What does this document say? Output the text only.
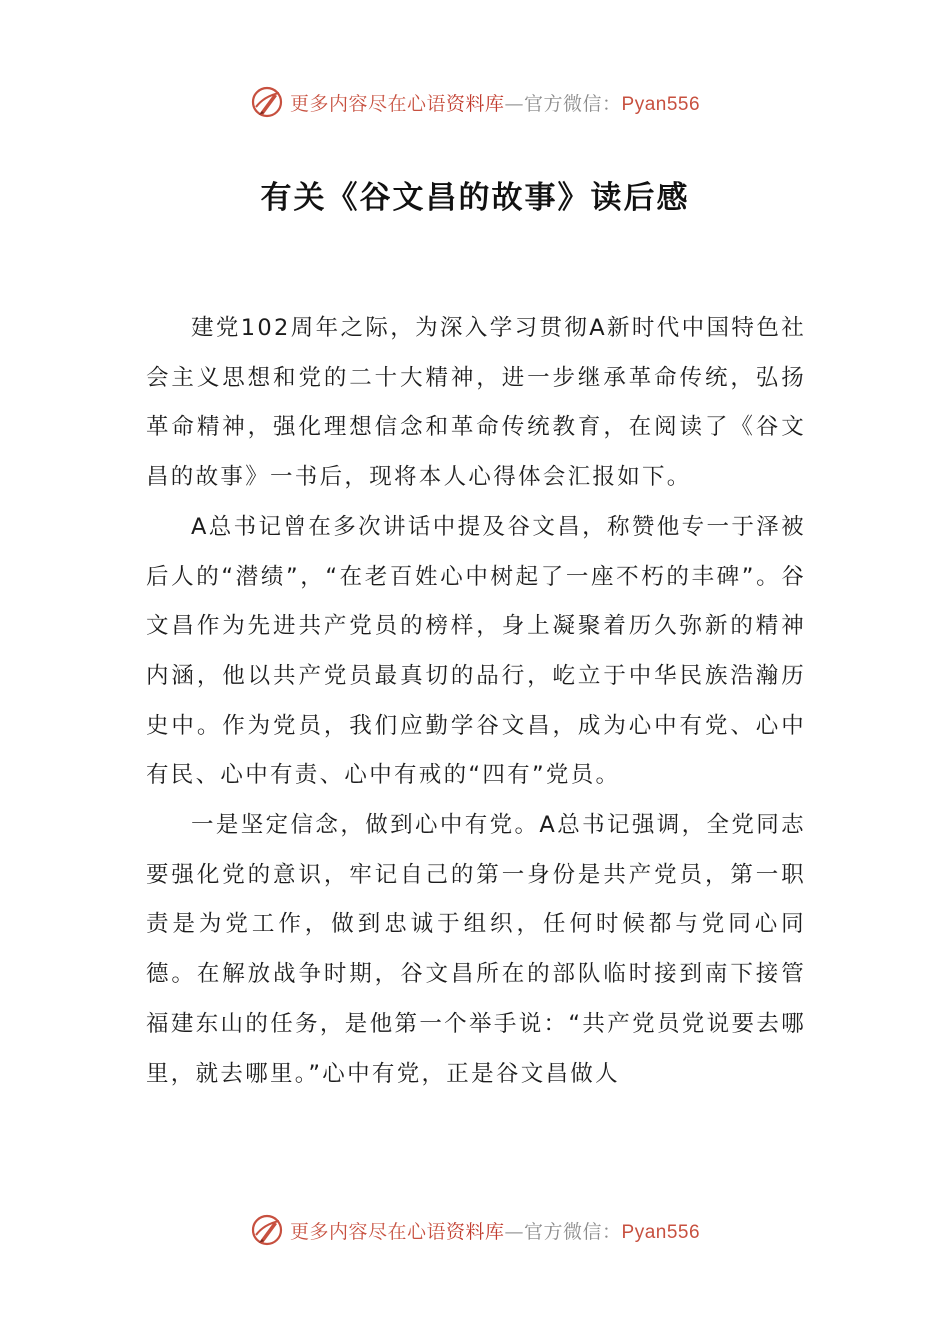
更多内容尽在心语资料库—官方微信：Pyan556
有关《谷文昌的故事》读后感

建党102周年之际，为深入学习贯彻A新时代中国特色社会主义思想和党的二十大精神，进一步继承革命传统，弘扬革命精神，强化理想信念和革命传统教育，在阅读了《谷文昌的故事》一书后，现将本人心得体会汇报如下。

A总书记曾在多次讲话中提及谷文昌，称赞他专一于泽被后人的“潜绩”，“在老百姓心中树起了一座不朽的丰碑”。谷文昌作为先进共产党员的榜样，身上凝聚着历久弥新的精神内涵，他以共产党员最真切的品行，屹立于中华民族浩瀚历史中。作为党员，我们应勤学谷文昌，成为心中有党、心中有民、心中有责、心中有戒的“四有”党员。

一是坚定信念，做到心中有党。A总书记强调，全党同志要强化党的意识，牢记自己的第一身份是共产党员，第一职责是为党工作，做到忠诚于组织，任何时候都与党同心同德。在解放战争时期，谷文昌所在的部队临时接到南下接管福建东山的任务，是他第一个举手说：“共产党员党说要去哪里，就去哪里。”心中有党，正是谷文昌做人

更多内容尽在心语资料库—官方微信：Pyan556
